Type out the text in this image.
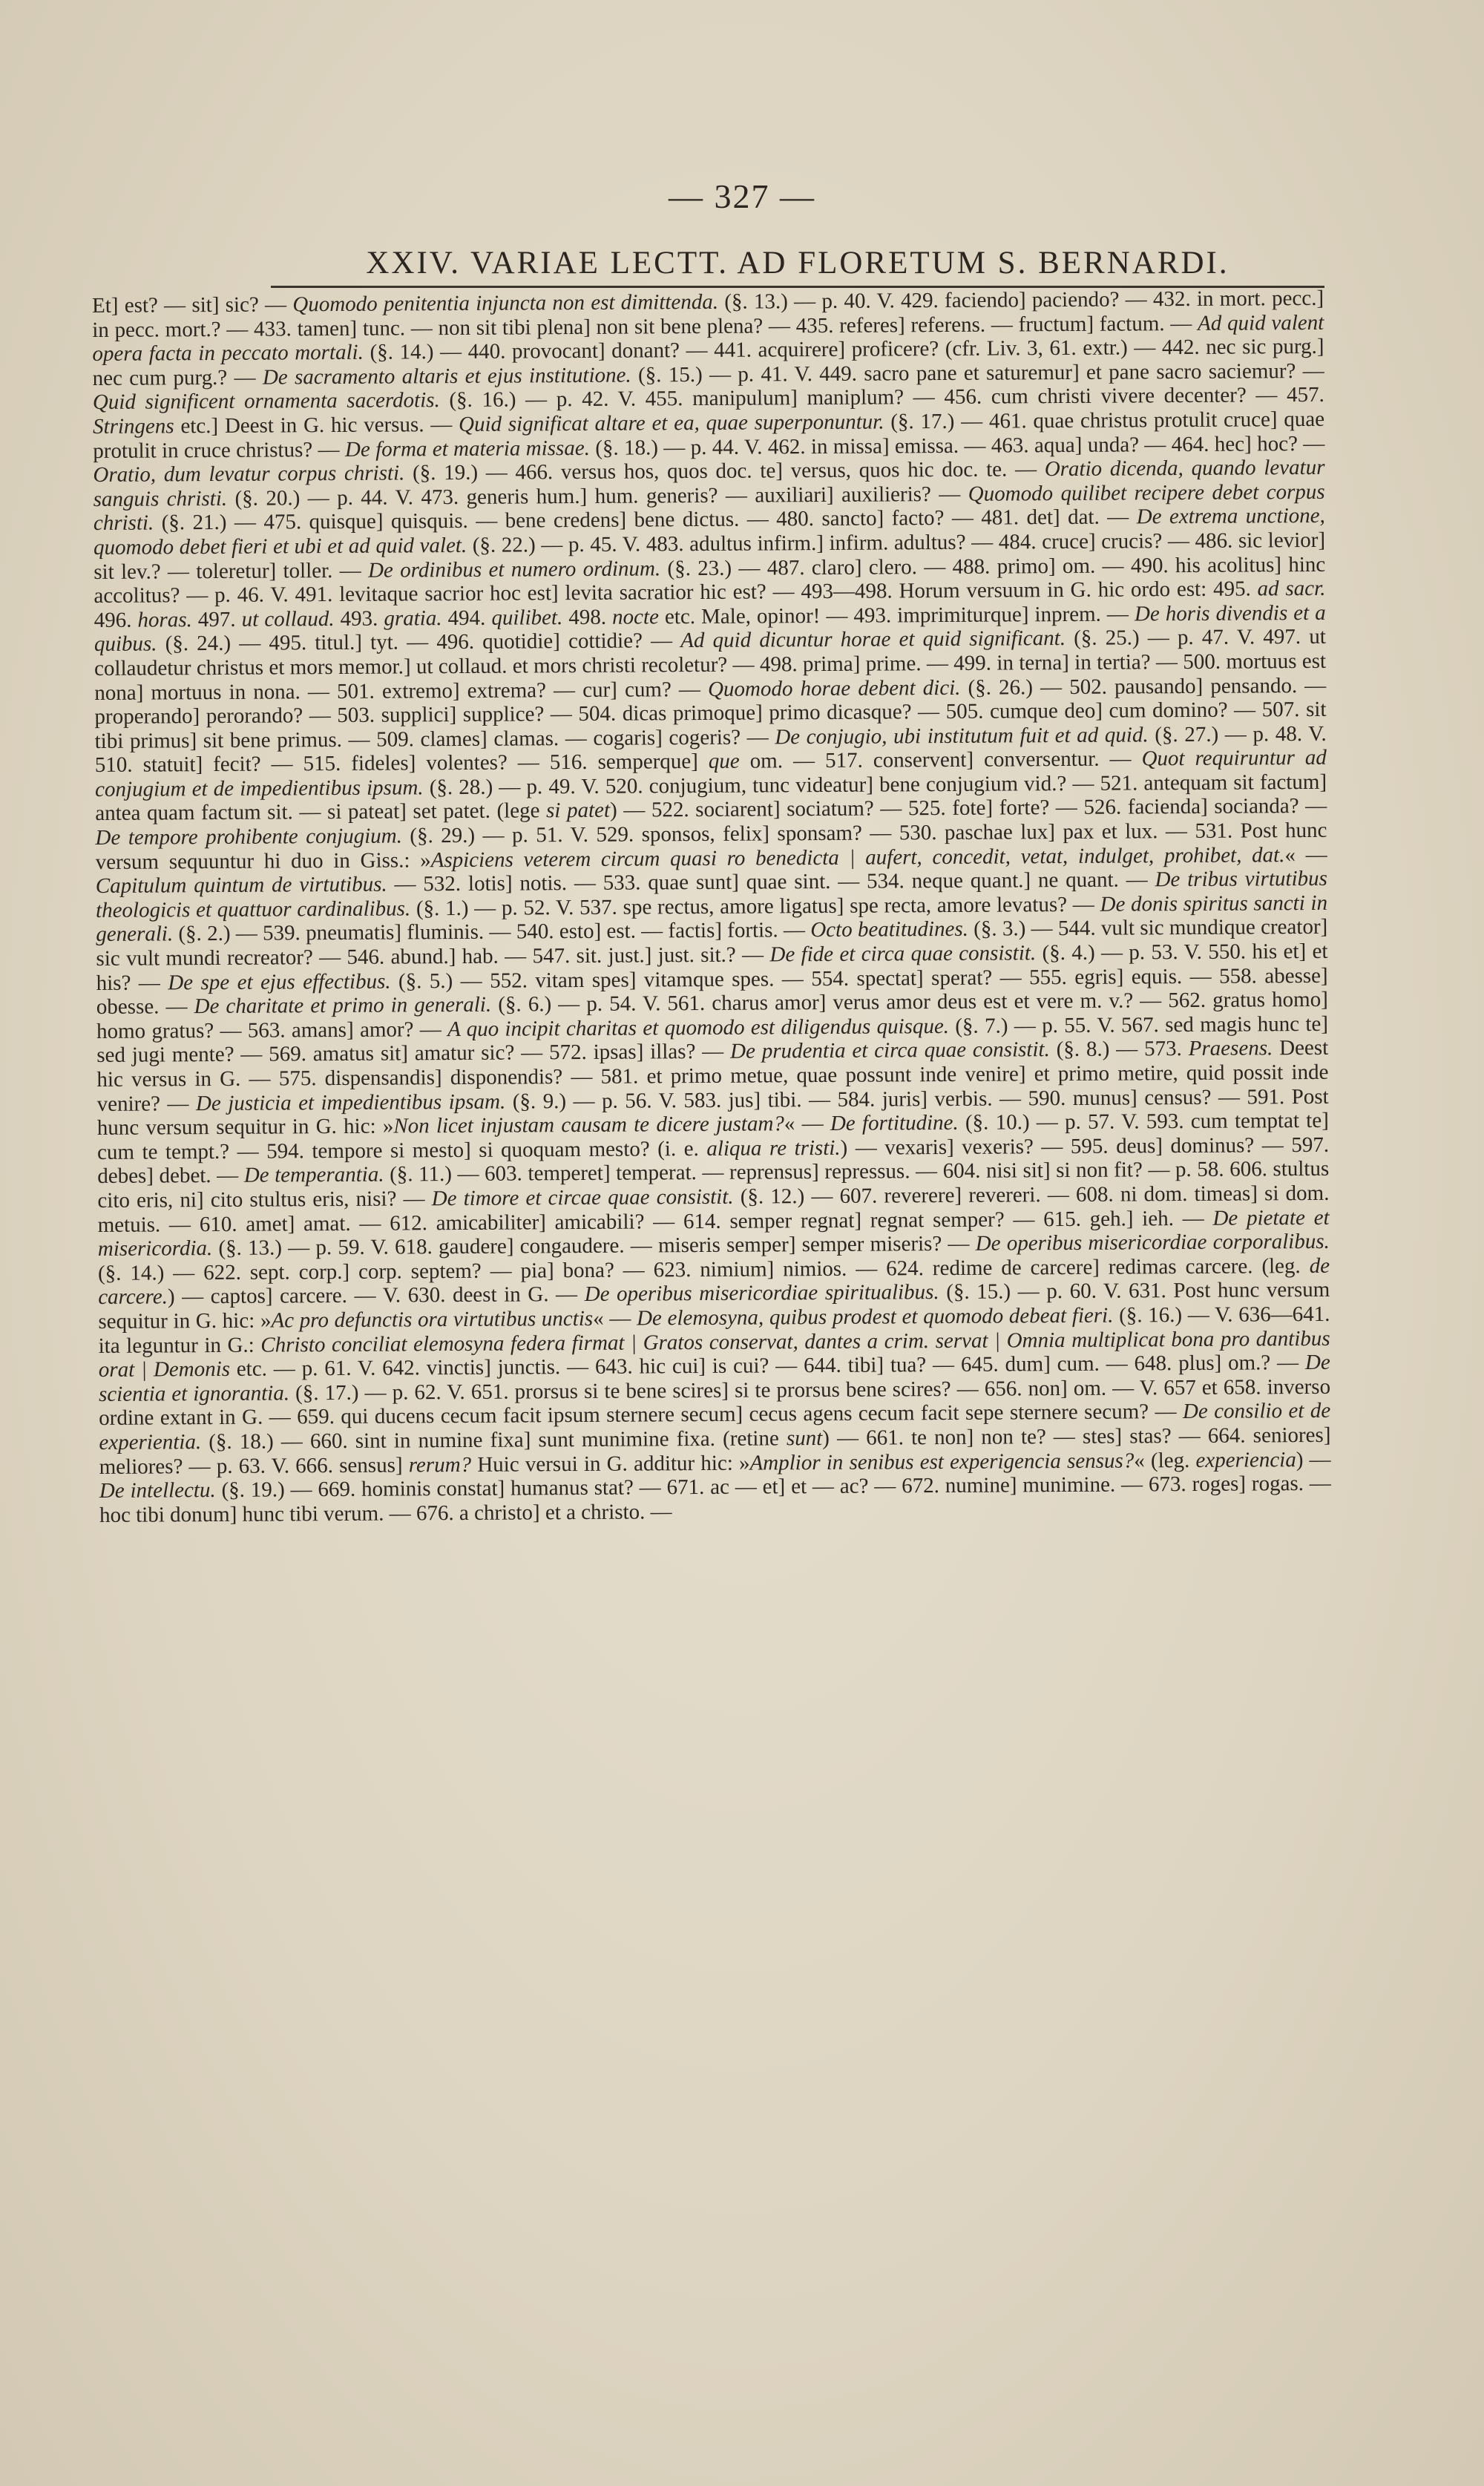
— 327 —
XXIV. VARIAE LECTT. AD FLORETUM S. BERNARDI.

Et] est? — sit] sic? — Quomodo penitentia injuncta non est dimittenda. (§. 13.) — p. 40. V. 429. faciendo] paciendo? — 432. in mort. pecc.] in pecc. mort.? — 433. tamen] tunc. — non sit tibi plena] non sit bene plena? — 435. referes] referens. — fructum] factum. — Ad quid valent opera facta in peccato mortali. (§. 14.) — 440. provocant] donant? — 441. acquirere] proficere? (cfr. Liv. 3, 61. extr.) — 442. nec sic purg.] nec cum purg.? — De sacramento altaris et ejus institutione. (§. 15.) — p. 41. V. 449. sacro pane et saturemur] et pane sacro saciemur? — Quid significent ornamenta sacerdotis. (§. 16.) — p. 42. V. 455. manipulum] maniplum? — 456. cum christi vivere decenter? — 457. Stringens etc.] Deest in G. hic versus. — Quid significat altare et ea, quae superponuntur. (§. 17.) — 461. quae christus protulit cruce] quae protulit in cruce christus? — De forma et materia missae. (§. 18.) — p. 44. V. 462. in missa] emissa. — 463. aqua] unda? — 464. hec] hoc? — Oratio, dum levatur corpus christi. (§. 19.) — 466. versus hos, quos doc. te] versus, quos hic doc. te. — Oratio dicenda, quando levatur sanguis christi. (§. 20.) — p. 44. V. 473. generis hum.] hum. generis? — auxiliari] auxilieris? — Quomodo quilibet recipere debet corpus christi. (§. 21.) — 475. quisque] quisquis. — bene credens] bene dictus. — 480. sancto] facto? — 481. det] dat. — De extrema unctione, quomodo debet fieri et ubi et ad quid valet. (§. 22.) — p. 45. V. 483. adultus infirm.] infirm. adultus? — 484. cruce] crucis? — 486. sic levior] sit lev.? — toleretur] toller. — De ordinibus et numero ordinum. (§. 23.) — 487. claro] clero. — 488. primo] om. — 490. his acolitus] hinc accolitus? — p. 46. V. 491. levitaque sacrior hoc est] levita sacratior hic est? — 493—498. Horum versuum in G. hic ordo est: 495. ad sacr. 496. horas. 497. ut collaud. 493. gratia. 494. quilibet. 498. nocte etc. Male, opinor! — 493. imprimiturque] inprem. — De horis divendis et a quibus. (§. 24.) — 495. titul.] tyt. — 496. quotidie] cottidie? — Ad quid dicuntur horae et quid significant. (§. 25.) — p. 47. V. 497. ut collaudetur christus et mors memor.] ut collaud. et mors christi recoletur? — 498. prima] prime. — 499. in terna] in tertia? — 500. mortuus est nona] mortuus in nona. — 501. extremo] extrema? — cur] cum? — Quomodo horae debent dici. (§. 26.) — 502. pausando] pensando. — properando] perorando? — 503. supplici] supplice? — 504. dicas primoque] primo dicasque? — 505. cumque deo] cum domino? — 507. sit tibi primus] sit bene primus. — 509. clames] clamas. — cogaris] cogeris? — De conjugio, ubi institutum fuit et ad quid. (§. 27.) — p. 48. V. 510. statuit] fecit? — 515. fideles] volentes? — 516. semperque] que om. — 517. conservent] conversentur. — Quot requiruntur ad conjugium et de impedientibus ipsum. (§. 28.) — p. 49. V. 520. conjugium, tunc videatur] bene conjugium vid.? — 521. antequam sit factum] antea quam factum sit. — si pateat] set patet. (lege si patet) — 522. sociarent] sociatum? — 525. fote] forte? — 526. facienda] socianda? — De tempore prohibente conjugium. (§. 29.) — p. 51. V. 529. sponsos, felix] sponsam? — 530. paschae lux] pax et lux. — 531. Post hunc versum sequuntur hi duo in Giss.: »Aspiciens veterem circum quasi ro benedicta | aufert, concedit, vetat, indulget, prohibet, dat.« — Capitulum quintum de virtutibus. — 532. lotis] notis. — 533. quae sunt] quae sint. — 534. neque quant.] ne quant. — De tribus virtutibus theologicis et quattuor cardinalibus. (§. 1.) — p. 52. V. 537. spe rectus, amore ligatus] spe recta, amore levatus? — De donis spiritus sancti in generali. (§. 2.) — 539. pneumatis] fluminis. — 540. esto] est. — factis] fortis. — Octo beatitudines. (§. 3.) — 544. vult sic mundique creator] sic vult mundi recreator? — 546. abund.] hab. — 547. sit. just.] just. sit.? — De fide et circa quae consistit. (§. 4.) — p. 53. V. 550. his et] et his? — De spe et ejus effectibus. (§. 5.) — 552. vitam spes] vitamque spes. — 554. spectat] sperat? — 555. egris] equis. — 558. abesse] obesse. — De charitate et primo in generali. (§. 6.) — p. 54. V. 561. charus amor] verus amor deus est et vere m. v.? — 562. gratus homo] homo gratus? — 563. amans] amor? — A quo incipit charitas et quomodo est diligendus quisque. (§. 7.) — p. 55. V. 567. sed magis hunc te] sed jugi mente? — 569. amatus sit] amatur sic? — 572. ipsas] illas? — De prudentia et circa quae consistit. (§. 8.) — 573. Praesens. Deest hic versus in G. — 575. dispensandis] disponendis? — 581. et primo metue, quae possunt inde venire] et primo metire, quid possit inde venire? — De justicia et impedientibus ipsam. (§. 9.) — p. 56. V. 583. jus] tibi. — 584. juris] verbis. — 590. munus] census? — 591. Post hunc versum sequitur in G. hic: »Non licet injustam causam te dicere justam?« — De fortitudine. (§. 10.) — p. 57. V. 593. cum temptat te] cum te tempt.? — 594. tempore si mesto] si quoquam mesto? (i. e. aliqua re tristi.) — vexaris] vexeris? — 595. deus] dominus? — 597. debes] debet. — De temperantia. (§. 11.) — 603. temperet] temperat. — reprensus] repressus. — 604. nisi sit] si non fit? — p. 58. 606. stultus cito eris, ni] cito stultus eris, nisi? — De timore et circae quae consistit. (§. 12.) — 607. reverere] revereri. — 608. ni dom. timeas] si dom. metuis. — 610. amet] amat. — 612. amicabiliter] amicabili? — 614. semper regnat] regnat semper? — 615. geh.] ieh. — De pietate et misericordia. (§. 13.) — p. 59. V. 618. gaudere] congaudere. — miseris semper] semper miseris? — De operibus misericordiae corporalibus. (§. 14.) — 622. sept. corp.] corp. septem? — pia] bona? — 623. nimium] nimios. — 624. redime de carcere] redimas carcere. (leg. de carcere.) — captos] carcere. — V. 630. deest in G. — De operibus misericordiae spiritualibus. (§. 15.) — p. 60. V. 631. Post hunc versum sequitur in G. hic: »Ac pro defunctis ora virtutibus unctis« — De elemosyna, quibus prodest et quomodo debeat fieri. (§. 16.) — V. 636—641. ita leguntur in G.: Christo conciliat elemosyna federa firmat | Gratos conservat, dantes a crim. servat | Omnia multiplicat bona pro dantibus orat | Demonis etc. — p. 61. V. 642. vinctis] junctis. — 643. hic cui] is cui? — 644. tibi] tua? — 645. dum] cum. — 648. plus] om.? — De scientia et ignorantia. (§. 17.) — p. 62. V. 651. prorsus si te bene scires] si te prorsus bene scires? — 656. non] om. — V. 657 et 658. inverso ordine extant in G. — 659. qui ducens cecum facit ipsum sternere secum] cecus agens cecum facit sepe sternere secum? — De consilio et de experientia. (§. 18.) — 660. sint in numine fixa] sunt munimine fixa. (retine sunt) — 661. te non] non te? — stes] stas? — 664. seniores] meliores? — p. 63. V. 666. sensus] rerum? Huic versui in G. additur hic: »Amplior in senibus est experigencia sensus?« (leg. experiencia) — De intellectu. (§. 19.) — 669. hominis constat] humanus stat? — 671. ac — et] et — ac? — 672. numine] munimine. — 673. roges] rogas. — hoc tibi donum] hunc tibi verum. — 676. a christo] et a christo. —
